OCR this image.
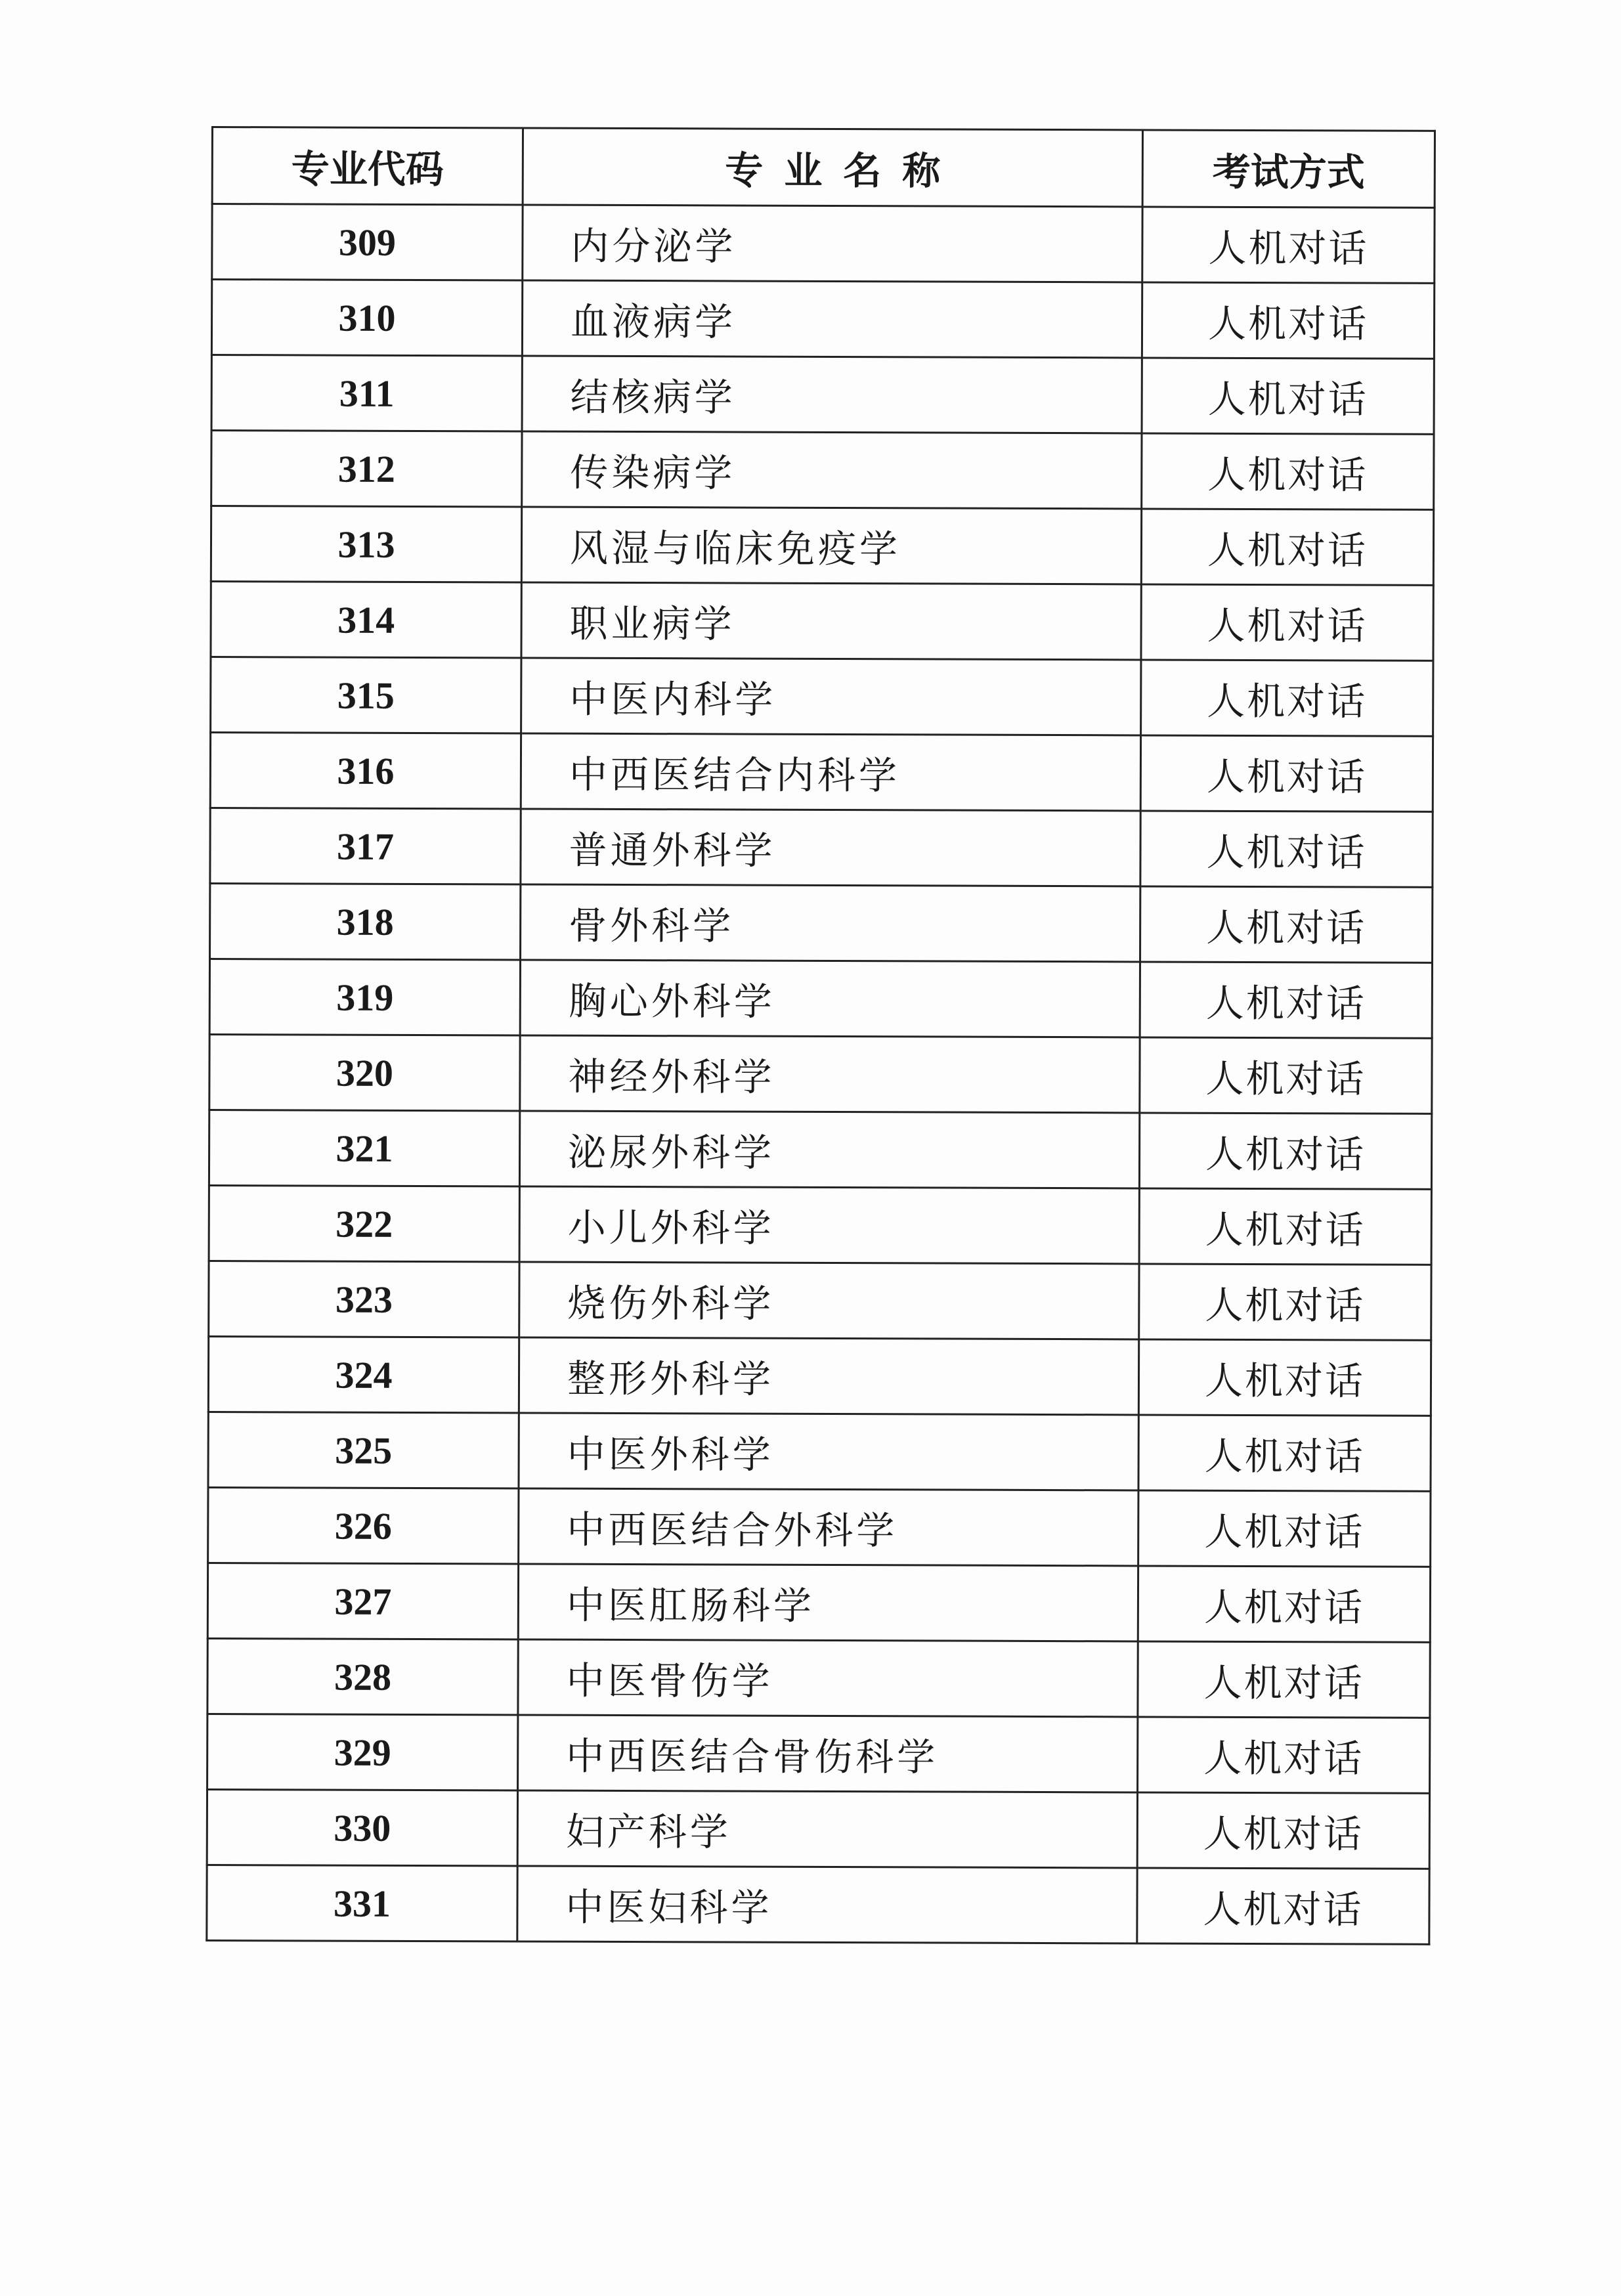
专业代码	专业名称	考试方式
309	内分泌学	人机对话
310	血液病学	人机对话
311	结核病学	人机对话
312	传染病学	人机对话
313	风湿与临床免疫学	人机对话
314	职业病学	人机对话
315	中医内科学	人机对话
316	中西医结合内科学	人机对话
317	普通外科学	人机对话
318	骨外科学	人机对话
319	胸心外科学	人机对话
320	神经外科学	人机对话
321	泌尿外科学	人机对话
322	小儿外科学	人机对话
323	烧伤外科学	人机对话
324	整形外科学	人机对话
325	中医外科学	人机对话
326	中西医结合外科学	人机对话
327	中医肛肠科学	人机对话
328	中医骨伤学	人机对话
329	中西医结合骨伤科学	人机对话
330	妇产科学	人机对话
331	中医妇科学	人机对话
